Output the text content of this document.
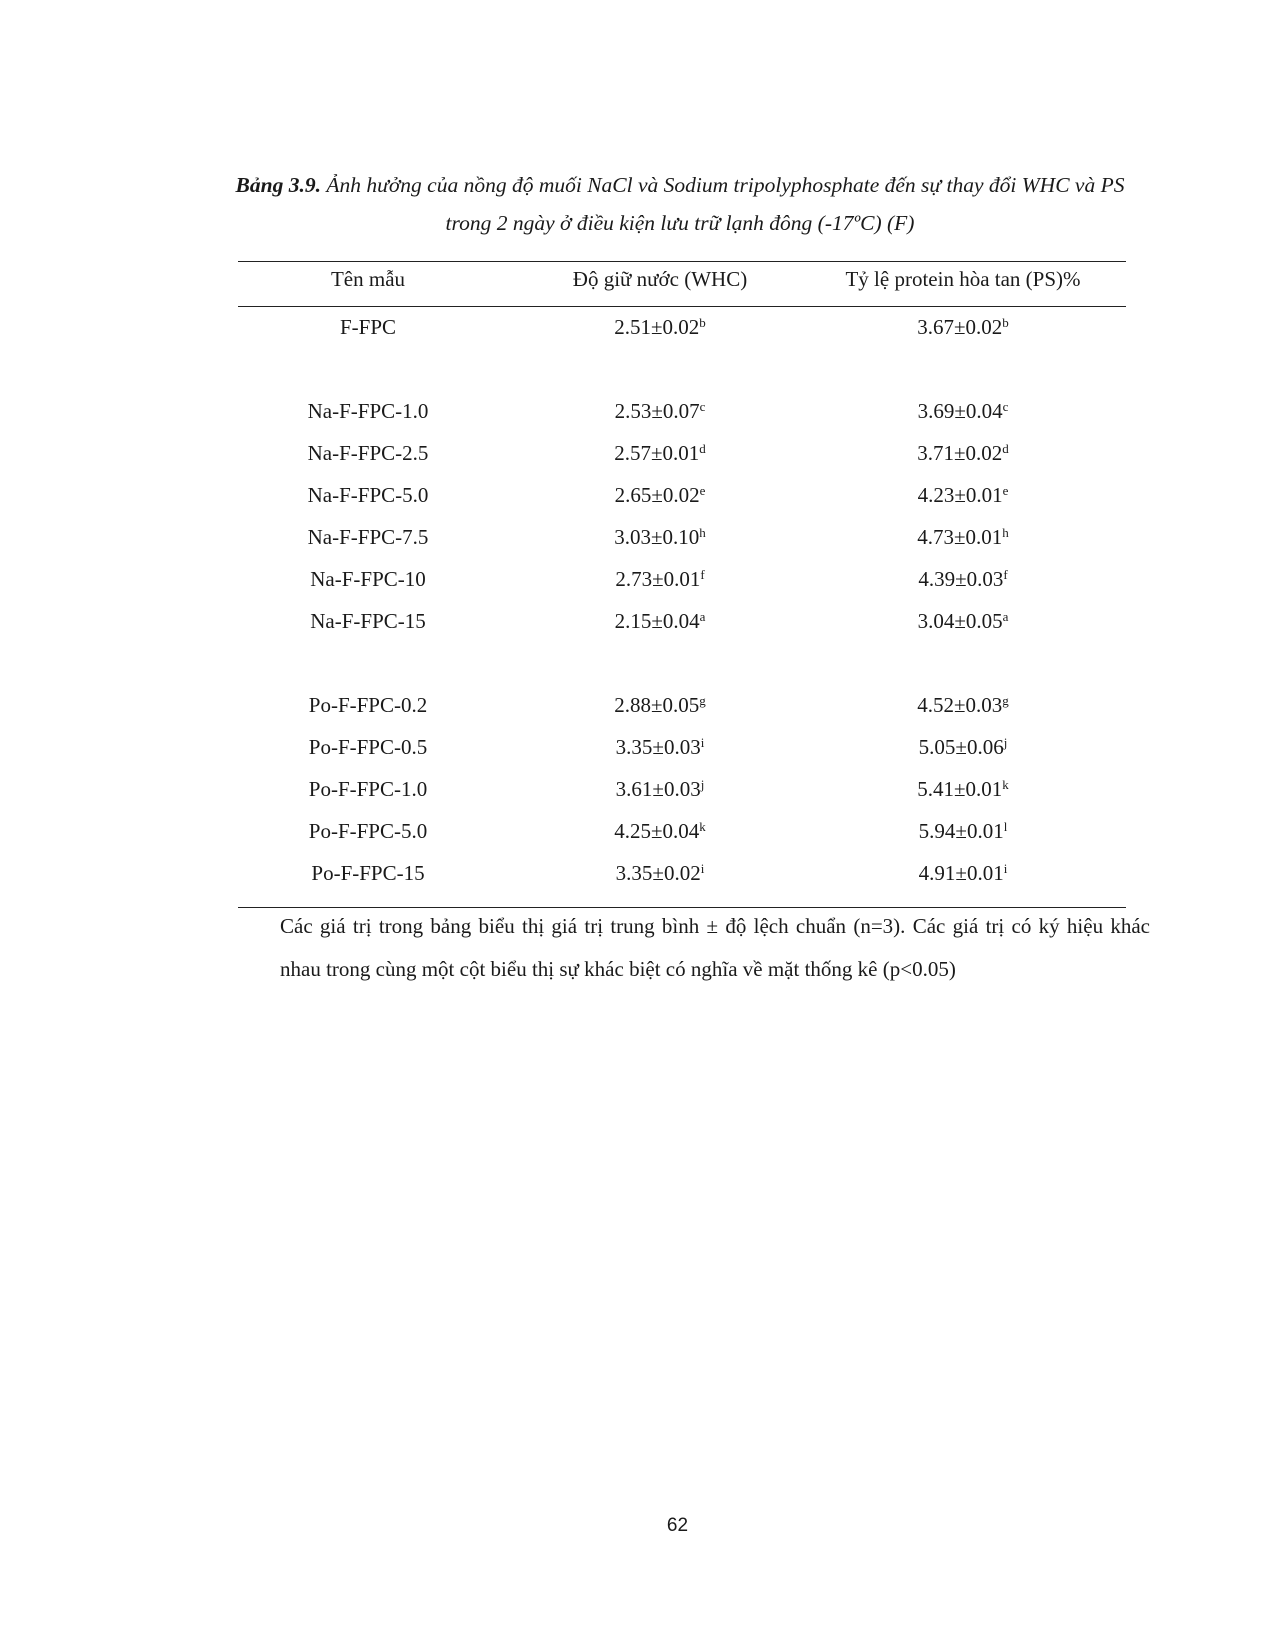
Bảng 3.9. Ảnh hưởng của nồng độ muối NaCl và Sodium tripolyphosphate đến sự thay đổi WHC và PS trong 2 ngày ở điều kiện lưu trữ lạnh đông (-17ºC) (F)
Tên mẫu	Độ giữ nước (WHC)	Tỷ lệ protein hòa tan (PS)%
F-FPC	2.51±0.02$^b$	3.67±0.02$^b$
Na-F-FPC-1.0	2.53±0.07$^c$	3.69±0.04$^c$
Na-F-FPC-2.5	2.57±0.01$^d$	3.71±0.02$^d$
Na-F-FPC-5.0	2.65±0.02$^e$	4.23±0.01$^e$
Na-F-FPC-7.5	3.03±0.10$^h$	4.73±0.01$^h$
Na-F-FPC-10	2.73±0.01$^f$	4.39±0.03$^f$
Na-F-FPC-15	2.15±0.04$^a$	3.04±0.05$^a$
Po-F-FPC-0.2	2.88±0.05$^g$	4.52±0.03$^g$
Po-F-FPC-0.5	$3.35\pm 0.03^i$	$5.05\pm 0.06^j$
Po-F-FPC-1.0	$3.61\pm 0.03^j$	$5.41\pm 0.01^k$
Po-F-FPC-5.0	$4.25\pm 0.04^k$	$5.94\pm 0.01^l$
Po-F-FPC-15	$3.35\pm 0.02^i$	$4.91\pm 0.01^i$
Các giá trị trong bảng biểu thị giá trị trung bình ± độ lệch chuẩn (n=3). Các giá trị có ký hiệu khác nhau trong cùng một cột biểu thị sự khác biệt có nghĩa về mặt thống kê (p<0.05)
62
